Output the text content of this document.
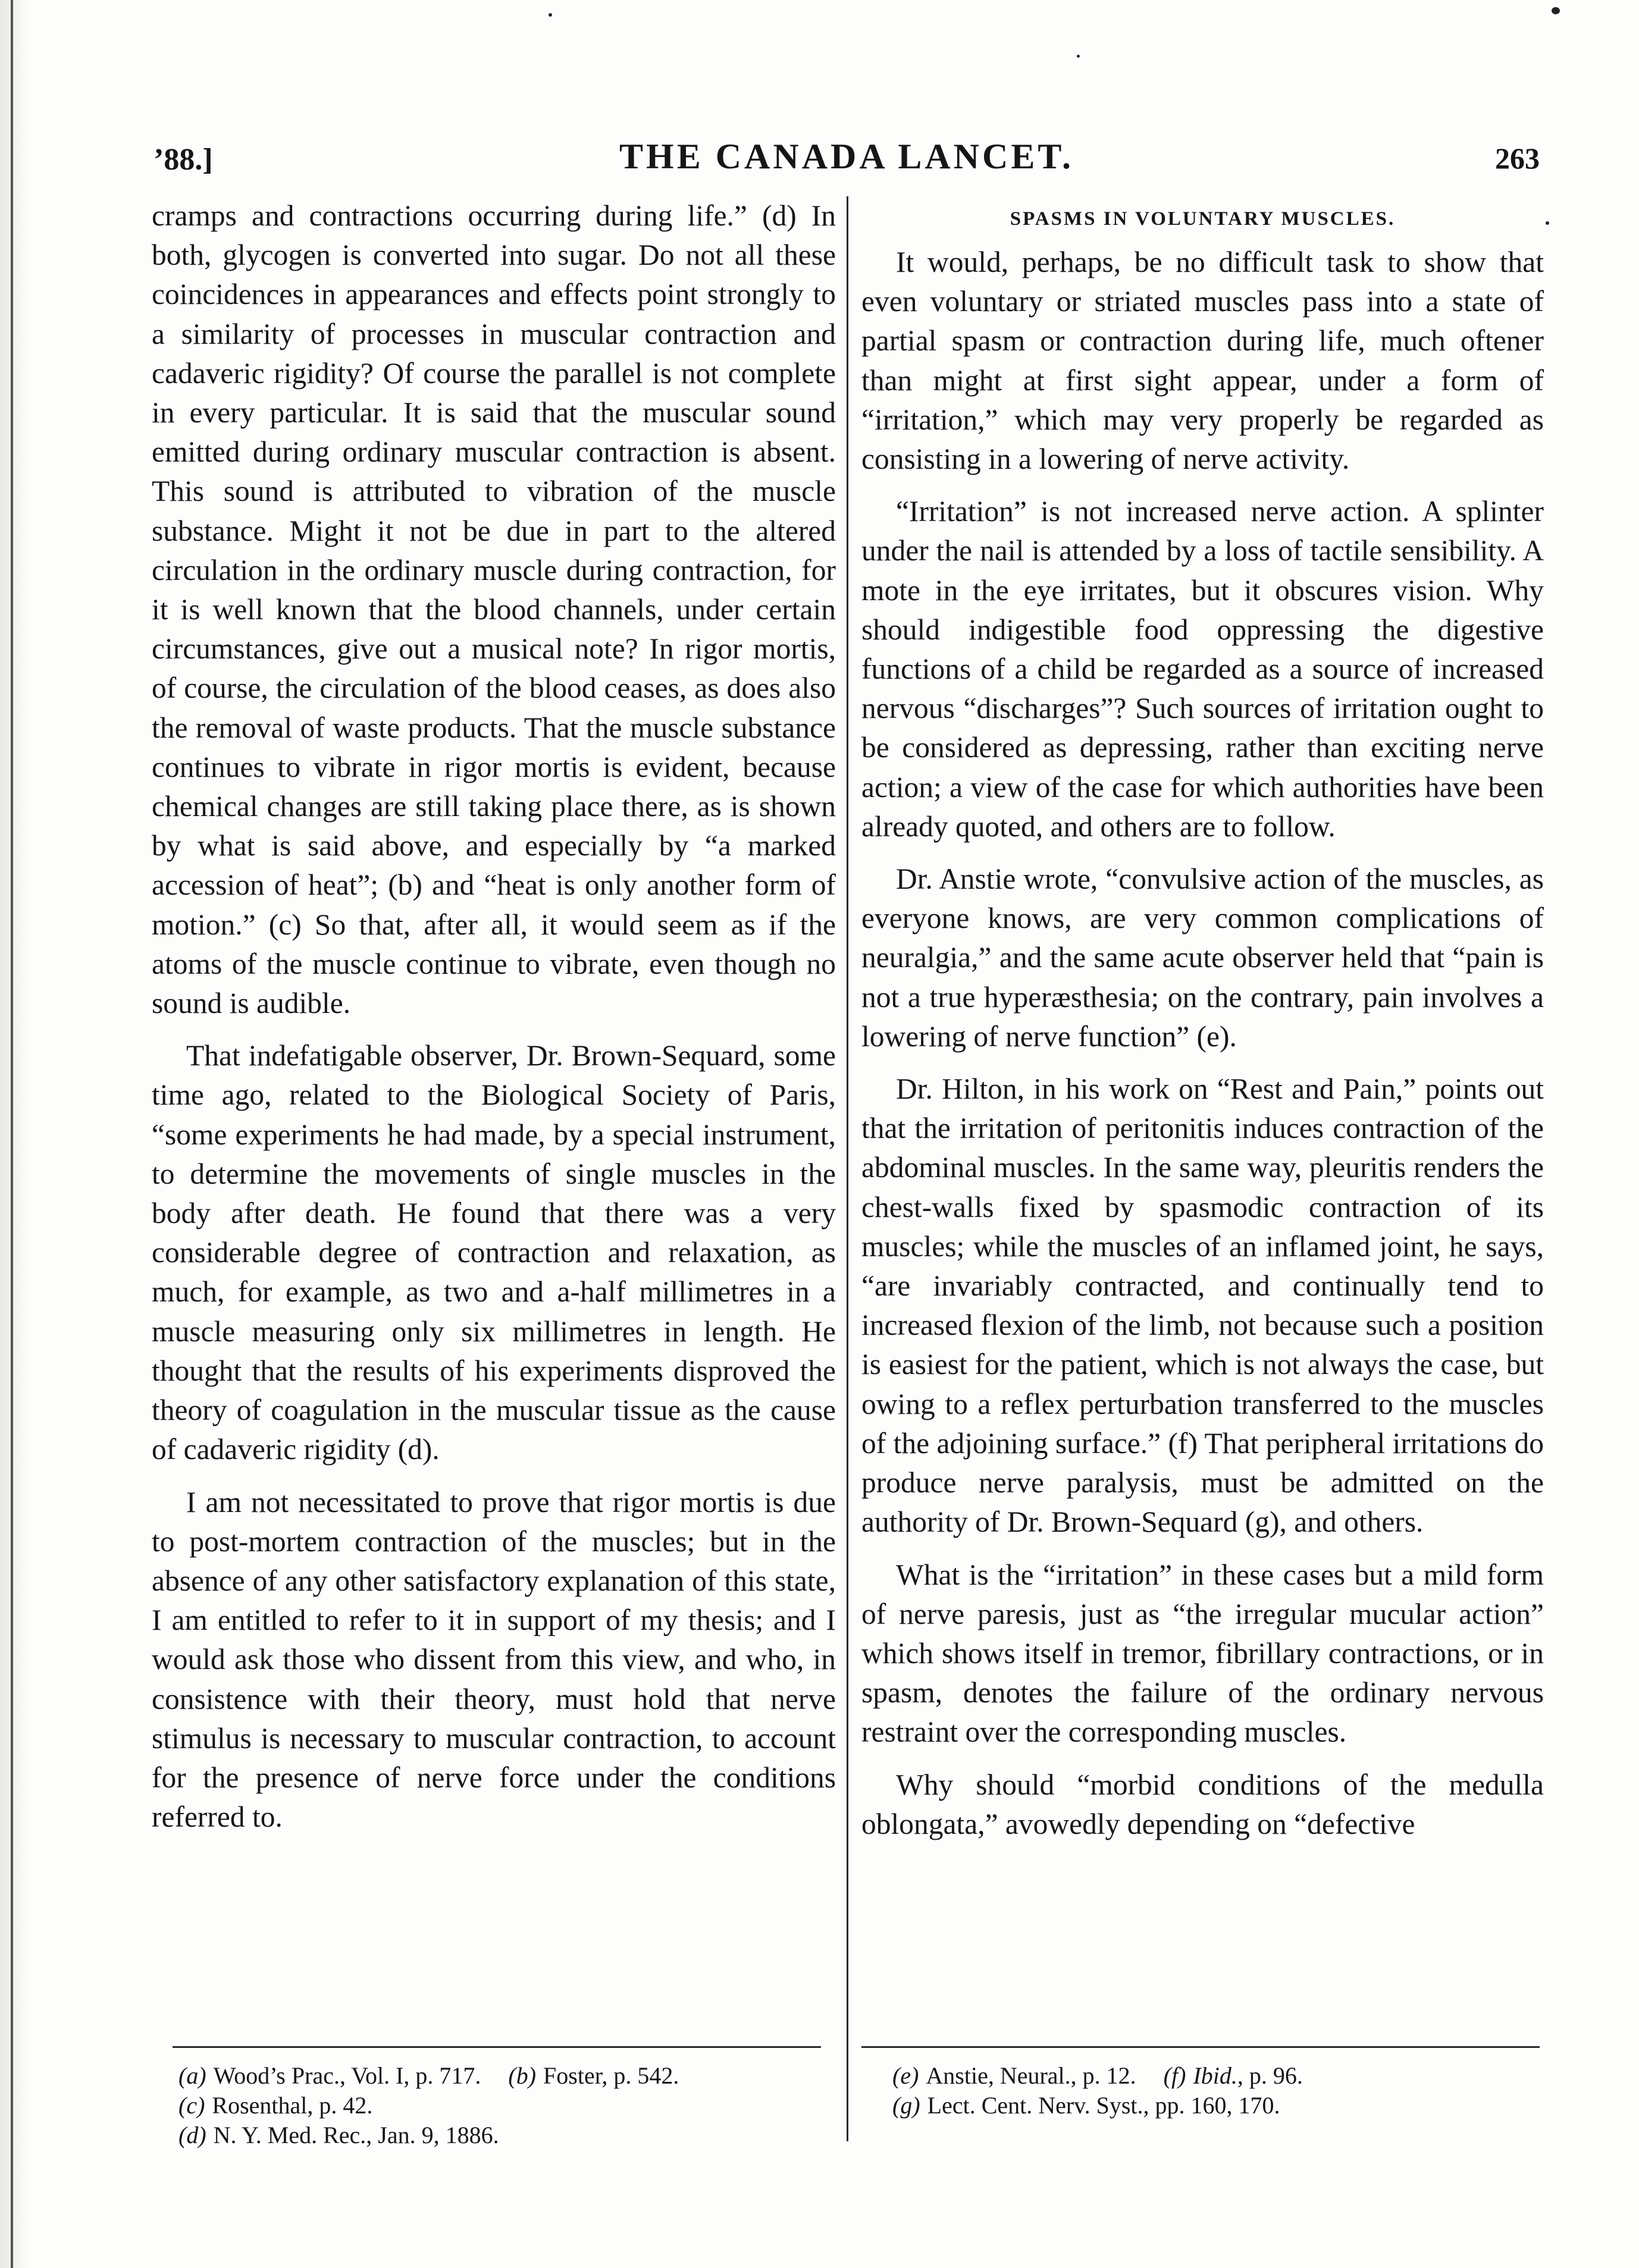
’88.]	THE CANADA LANCET.	263

cramps and contractions occurring during life.” (d) In both, glycogen is converted into sugar. Do not all these coincidences in appearances and effects point strongly to a similarity of processes in muscular contraction and cadaveric rigidity? Of course the parallel is not complete in every particular. It is said that the muscular sound emitted during ordinary muscular contraction is absent. This sound is attributed to vibration of the muscle substance. Might it not be due in part to the altered circulation in the ordinary muscle during contraction, for it is well known that the blood channels, under certain circumstances, give out a musical note? In rigor mortis, of course, the circulation of the blood ceases, as does also the removal of waste products. That the muscle substance continues to vibrate in rigor mortis is evident, because chemical changes are still taking place there, as is shown by what is said above, and especially by “a marked accession of heat”; (b) and “heat is only another form of motion.” (c) So that, after all, it would seem as if the atoms of the muscle continue to vibrate, even though no sound is audible.

That indefatigable observer, Dr. Brown-Sequard, some time ago, related to the Biological Society of Paris, “some experiments he had made, by a special instrument, to determine the movements of single muscles in the body after death. He found that there was a very considerable degree of contraction and relaxation, as much, for example, as two and a-half millimetres in a muscle measuring only six millimetres in length. He thought that the results of his experiments disproved the theory of coagulation in the muscular tissue as the cause of cadaveric rigidity (d).

I am not necessitated to prove that rigor mortis is due to post-mortem contraction of the muscles; but in the absence of any other satisfactory explanation of this state, I am entitled to refer to it in support of my thesis; and I would ask those who dissent from this view, and who, in consistence with their theory, must hold that nerve stimulus is necessary to muscular contraction, to account for the presence of nerve force under the conditions referred to.

SPASMS IN VOLUNTARY MUSCLES.

It would, perhaps, be no difficult task to show that even voluntary or striated muscles pass into a state of partial spasm or contraction during life, much oftener than might at first sight appear, under a form of “irritation,” which may very properly be regarded as consisting in a lowering of nerve activity.

“Irritation” is not increased nerve action. A splinter under the nail is attended by a loss of tactile sensibility. A mote in the eye irritates, but it obscures vision. Why should indigestible food oppressing the digestive functions of a child be regarded as a source of increased nervous “discharges”? Such sources of irritation ought to be considered as depressing, rather than exciting nerve action; a view of the case for which authorities have been already quoted, and others are to follow.

Dr. Anstie wrote, “convulsive action of the muscles, as everyone knows, are very common complications of neuralgia,” and the same acute observer held that “pain is not a true hyperæsthesia; on the contrary, pain involves a lowering of nerve function” (e).

Dr. Hilton, in his work on “Rest and Pain,” points out that the irritation of peritonitis induces contraction of the abdominal muscles. In the same way, pleuritis renders the chest-walls fixed by spasmodic contraction of its muscles; while the muscles of an inflamed joint, he says, “are invariably contracted, and continually tend to increased flexion of the limb, not because such a position is easiest for the patient, which is not always the case, but owing to a reflex perturbation transferred to the muscles of the adjoining surface.” (f) That peripheral irritations do produce nerve paralysis, must be admitted on the authority of Dr. Brown-Sequard (g), and others.

What is the “irritation” in these cases but a mild form of nerve paresis, just as “the irregular mucular action” which shows itself in tremor, fibrillary contractions, or in spasm, denotes the failure of the ordinary nervous restraint over the corresponding muscles.

Why should “morbid conditions of the medulla oblongata,” avowedly depending on “defective

(a) Wood’s Prac., Vol. I, p. 717. (b) Foster, p. 542.
(c) Rosenthal, p. 42.
(d) N. Y. Med. Rec., Jan. 9, 1886.
(e) Anstie, Neural., p. 12. (f) Ibid., p. 96.
(g) Lect. Cent. Nerv. Syst., pp. 160, 170.
